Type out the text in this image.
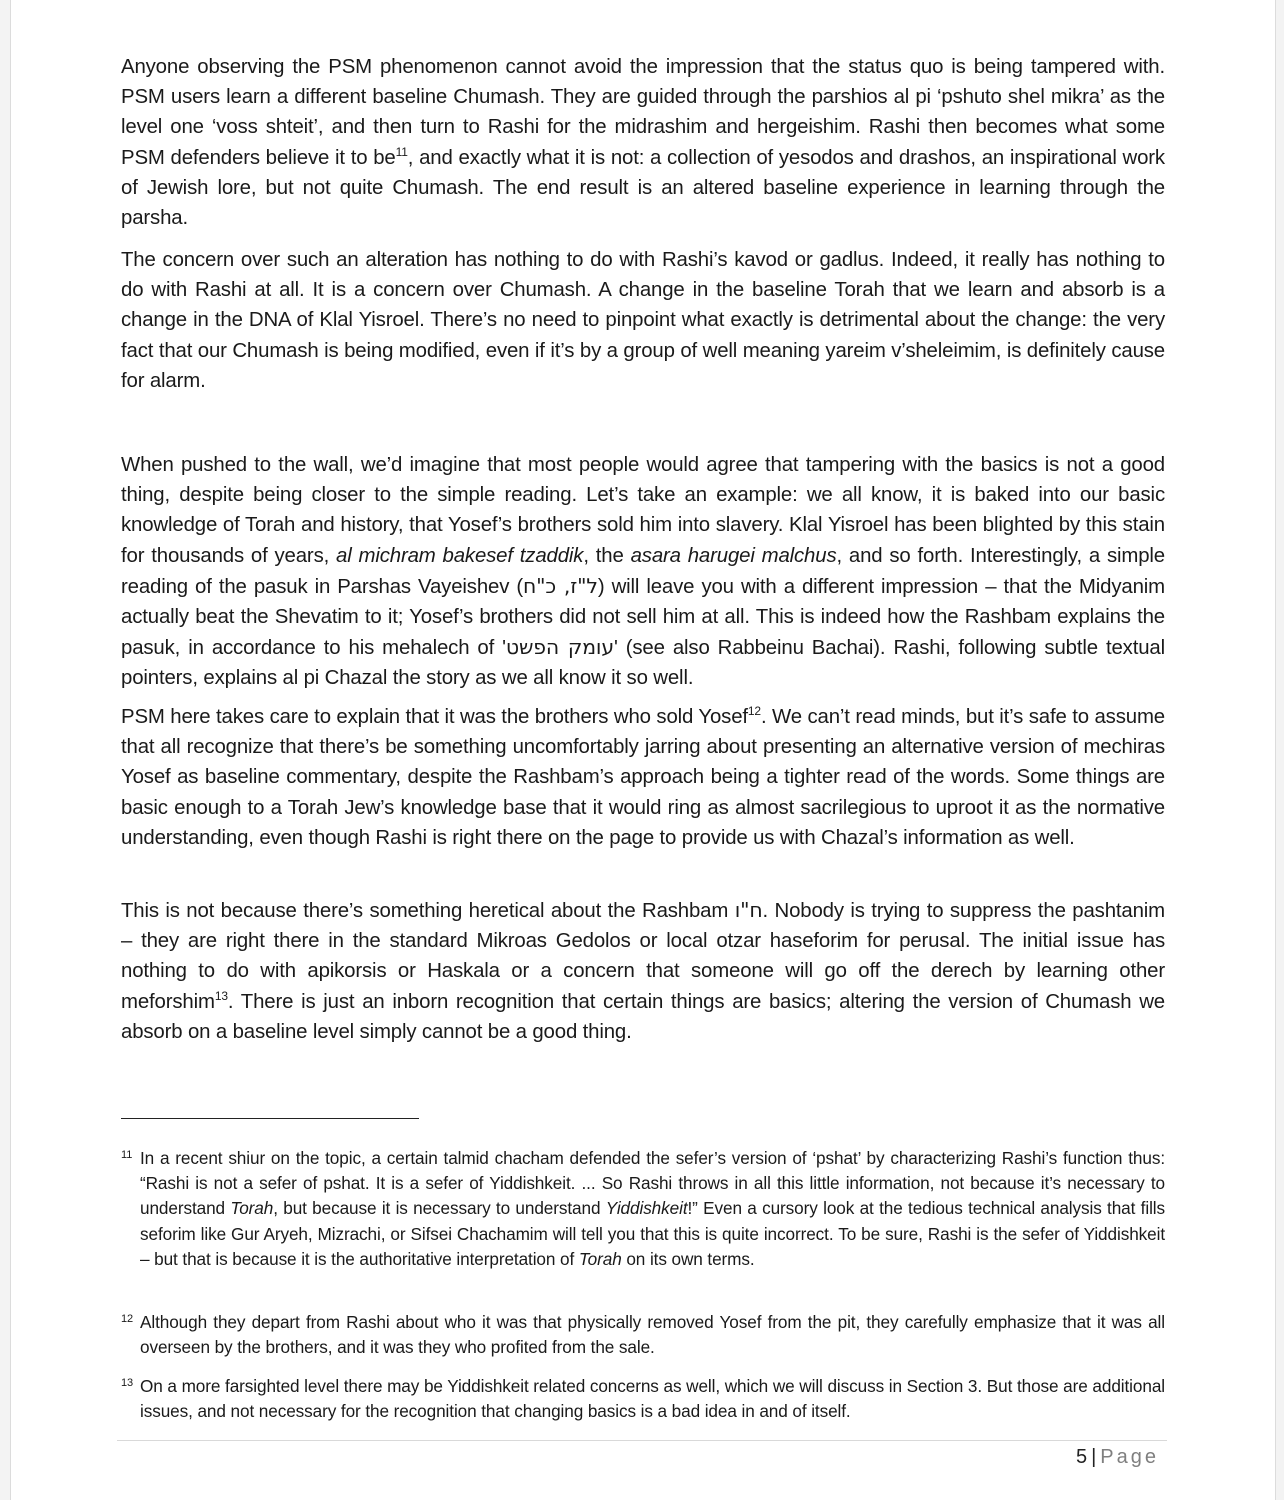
Anyone observing the PSM phenomenon cannot avoid the impression that the status quo is being tampered with. PSM users learn a different baseline Chumash. They are guided through the parshios al pi ‘pshuto shel mikra’ as the level one ‘voss shteit’, and then turn to Rashi for the midrashim and hergeishim. Rashi then becomes what some PSM defenders believe it to $be^{11}$, and exactly what it is not: a collection of yesodos and drashos, an inspirational work of Jewish lore, but not quite Chumash. The end result is an altered baseline experience in learning through the parsha.

The concern over such an alteration has nothing to do with Rashi’s kavod or gadlus. Indeed, it really has nothing to do with Rashi at all. It is a concern over Chumash. A change in the baseline Torah that we learn and absorb is a change in the DNA of Klal Yisroel. There’s no need to pinpoint what exactly is detrimental about the change: the very fact that our Chumash is being modified, even if it’s by a group of well meaning yareim v’sheleimim, is definitely cause for alarm.

When pushed to the wall, we’d imagine that most people would agree that tampering with the basics is not a good thing, despite being closer to the simple reading. Let’s take an example: we all know, it is baked into our basic knowledge of Torah and history, that Yosef’s brothers sold him into slavery. Klal Yisroel has been blighted by this stain for thousands of years, al michram bakesef tzaddik, the asara harugei malchus, and so forth. Interestingly, a simple reading of the pasuk in Parshas Vayeishev (ל"ז, כ"ח) will leave you with a different impression – that the Midyanim actually beat the Shevatim to it; Yosef’s brothers did not sell him at all. This is indeed how the Rashbam explains the pasuk, in accordance to his mehalech of 'עומק הפשט' (see also Rabbeinu Bachai). Rashi, following subtle textual pointers, explains al pi Chazal the story as we all know it so well.

PSM here takes care to explain that it was the brothers who sold Yosef$^{12}$. We can’t read minds, but it’s safe to assume that all recognize that there’s be something uncomfortably jarring about presenting an alternative version of mechiras Yosef as baseline commentary, despite the Rashbam’s approach being a tighter read of the words. Some things are basic enough to a Torah Jew’s knowledge base that it would ring as almost sacrilegious to uproot it as the normative understanding, even though Rashi is right there on the page to provide us with Chazal’s information as well.

This is not because there’s something heretical about the Rashbam ח"ו. Nobody is trying to suppress the pashtanim – they are right there in the standard Mikroas Gedolos or local otzar haseforim for perusal. The initial issue has nothing to do with apikorsis or Haskala or a concern that someone will go off the derech by learning other meforshim$^{13}$. There is just an inborn recognition that certain things are basics; altering the version of Chumash we absorb on a baseline level simply cannot be a good thing.

11 In a recent shiur on the topic, a certain talmid chacham defended the sefer’s version of ‘pshat’ by characterizing Rashi’s function thus: “Rashi is not a sefer of pshat. It is a sefer of Yiddishkeit. ... So Rashi throws in all this little information, not because it’s necessary to understand Torah, but because it is necessary to understand Yiddishkeit!” Even a cursory look at the tedious technical analysis that fills seforim like Gur Aryeh, Mizrachi, or Sifsei Chachamim will tell you that this is quite incorrect. To be sure, Rashi is the sefer of Yiddishkeit – but that is because it is the authoritative interpretation of Torah on its own terms.
12 Although they depart from Rashi about who it was that physically removed Yosef from the pit, they carefully emphasize that it was all overseen by the brothers, and it was they who profited from the sale.
13 On a more farsighted level there may be Yiddishkeit related concerns as well, which we will discuss in Section 3. But those are additional issues, and not necessary for the recognition that changing basics is a bad idea in and of itself.
5 | Page
